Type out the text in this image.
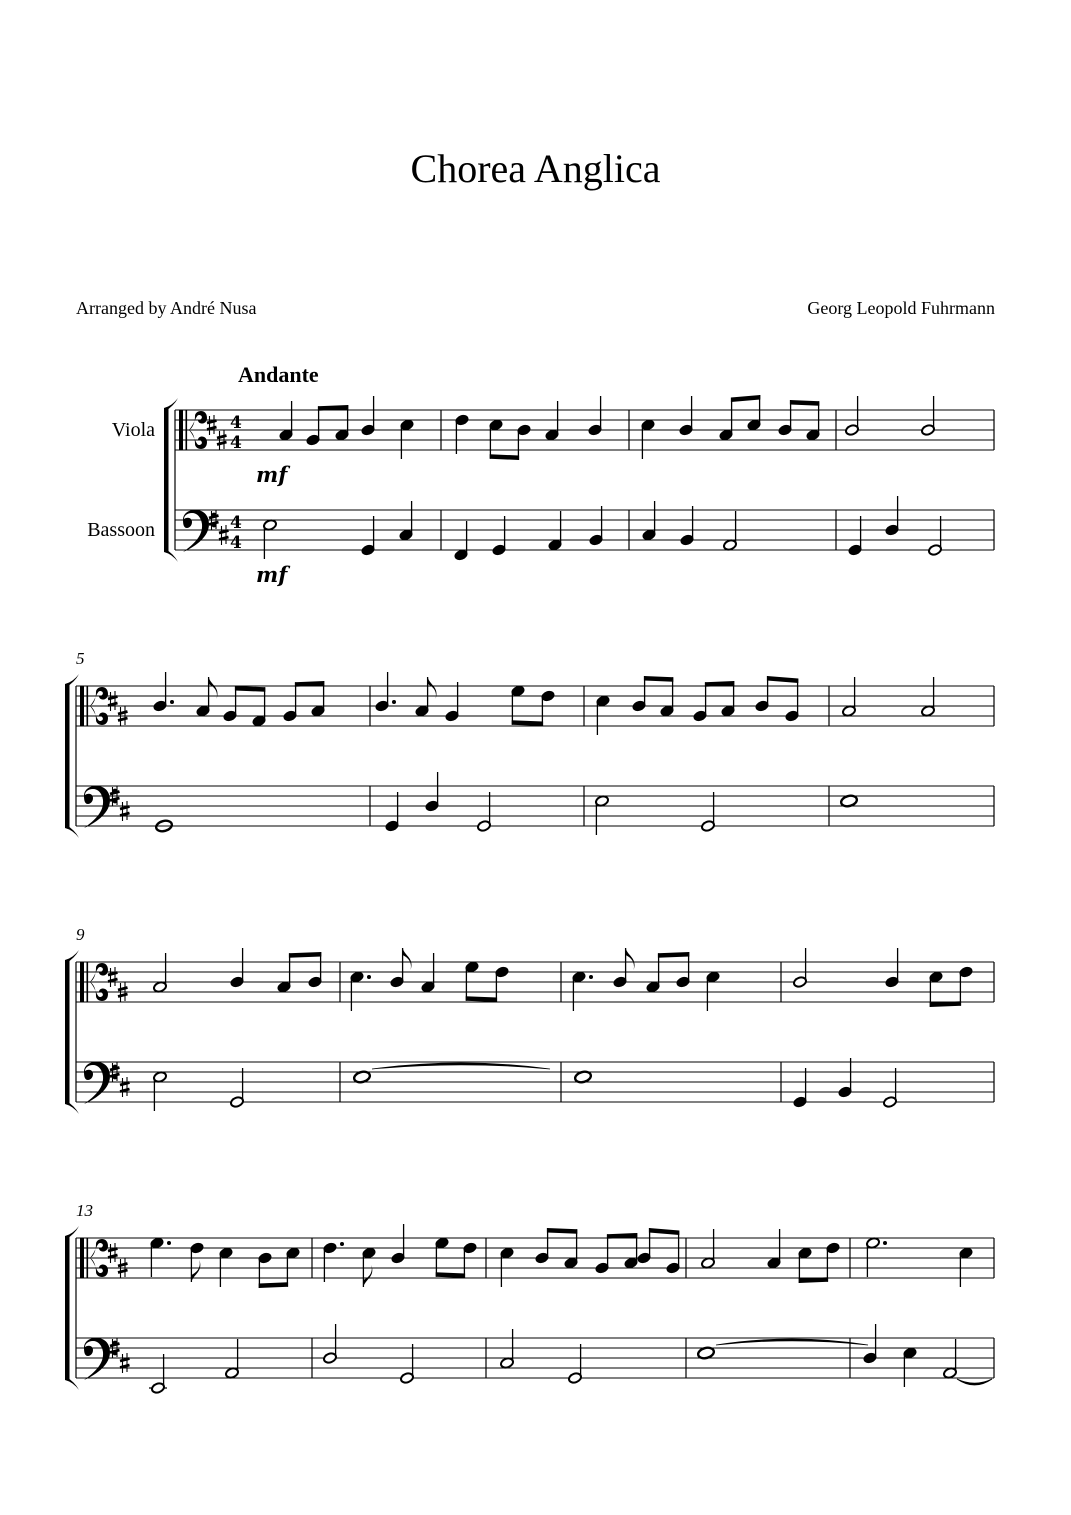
Chorea Anglica
Arranged by André Nusa	Georg Leopold Fuhrmann
Andante
Viola
Bassoon
mf
mf
5
9
13
4
4
4
4
